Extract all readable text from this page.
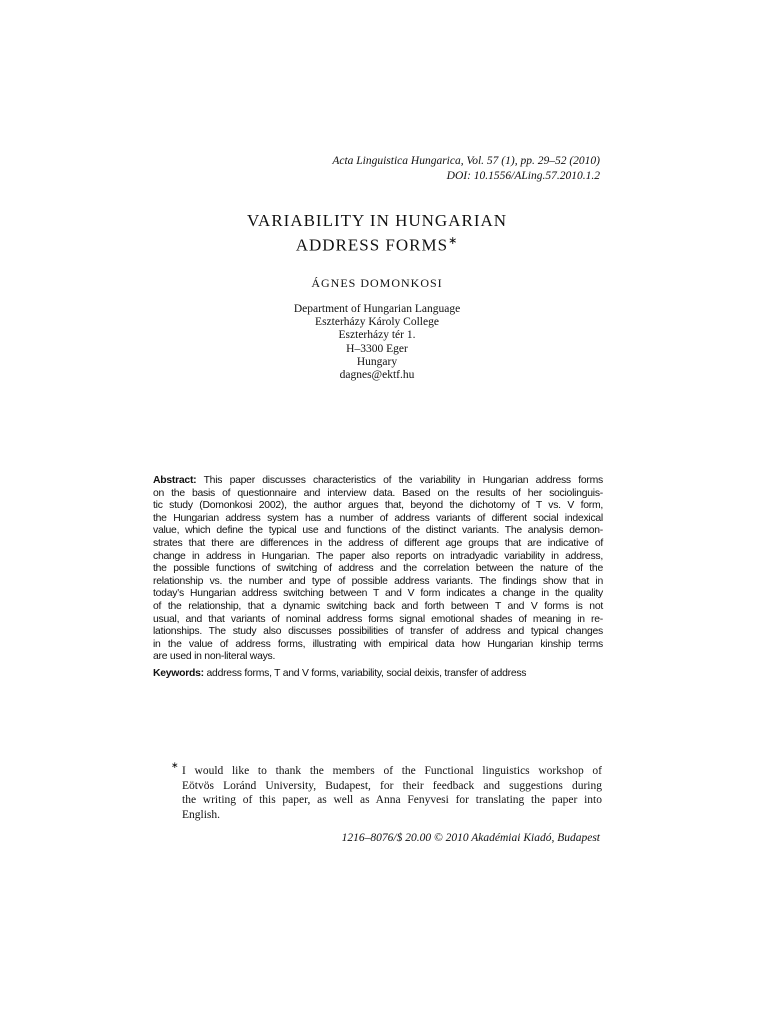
Acta Linguistica Hungarica, Vol. 57 (1), pp. 29–52 (2010)
DOI: 10.1556/ALing.57.2010.1.2
VARIABILITY IN HUNGARIAN
ADDRESS FORMS∗
ÁGNES DOMONKOSI
Department of Hungarian Language
Eszterházy Károly College
Eszterházy tér 1.
H–3300 Eger
Hungary
dagnes@ektf.hu
Abstract: This paper discusses characteristics of the variability in Hungarian address forms
on the basis of questionnaire and interview data. Based on the results of her sociolinguis-
tic study (Domonkosi 2002), the author argues that, beyond the dichotomy of T vs. V form,
the Hungarian address system has a number of address variants of different social indexical
value, which define the typical use and functions of the distinct variants. The analysis demon-
strates that there are differences in the address of different age groups that are indicative of
change in address in Hungarian. The paper also reports on intradyadic variability in address,
the possible functions of switching of address and the correlation between the nature of the
relationship vs. the number and type of possible address variants. The findings show that in
today’s Hungarian address switching between T and V form indicates a change in the quality
of the relationship, that a dynamic switching back and forth between T and V forms is not
usual, and that variants of nominal address forms signal emotional shades of meaning in re-
lationships. The study also discusses possibilities of transfer of address and typical changes
in the value of address forms, illustrating with empirical data how Hungarian kinship terms
are used in non-literal ways.
Keywords: address forms, T and V forms, variability, social deixis, transfer of address
∗ I would like to thank the members of the Functional linguistics workshop of
Eötvös Loránd University, Budapest, for their feedback and suggestions during
the writing of this paper, as well as Anna Fenyvesi for translating the paper into
English.
1216–8076/$ 20.00 © 2010 Akadémiai Kiadó, Budapest
